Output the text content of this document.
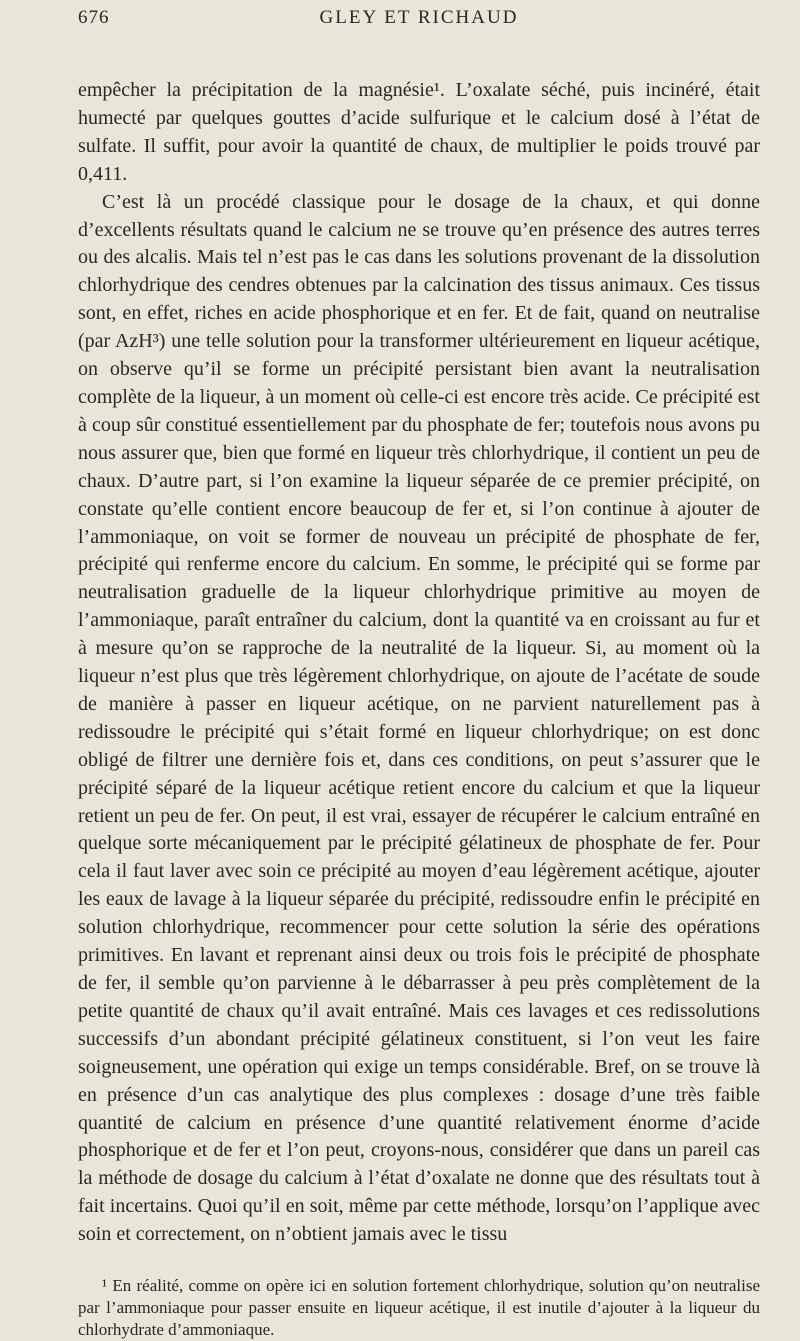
676	GLEY ET RICHAUD

empêcher la précipitation de la magnésie¹. L’oxalate séché, puis incinéré, était humecté par quelques gouttes d’acide sulfurique et le calcium dosé à l’état de sulfate. Il suffit, pour avoir la quantité de chaux, de multiplier le poids trouvé par 0,411.

C’est là un procédé classique pour le dosage de la chaux, et qui donne d’excellents résultats quand le calcium ne se trouve qu’en présence des autres terres ou des alcalis. Mais tel n’est pas le cas dans les solutions provenant de la dissolution chlorhydrique des cendres obtenues par la calcination des tissus animaux. Ces tissus sont, en effet, riches en acide phosphorique et en fer. Et de fait, quand on neutralise (par AzH³) une telle solution pour la transformer ultérieurement en liqueur acétique, on observe qu’il se forme un précipité persistant bien avant la neutralisation complète de la liqueur, à un moment où celle-ci est encore très acide. Ce précipité est à coup sûr constitué essentiellement par du phosphate de fer; toutefois nous avons pu nous assurer que, bien que formé en liqueur très chlorhydrique, il contient un peu de chaux. D’autre part, si l’on examine la liqueur séparée de ce premier précipité, on constate qu’elle contient encore beaucoup de fer et, si l’on continue à ajouter de l’ammoniaque, on voit se former de nouveau un précipité de phosphate de fer, précipité qui renferme encore du calcium. En somme, le précipité qui se forme par neutralisation graduelle de la liqueur chlorhydrique primitive au moyen de l’ammoniaque, paraît entraîner du calcium, dont la quantité va en croissant au fur et à mesure qu’on se rapproche de la neutralité de la liqueur. Si, au moment où la liqueur n’est plus que très légèrement chlorhydrique, on ajoute de l’acétate de soude de manière à passer en liqueur acétique, on ne parvient naturellement pas à redissoudre le précipité qui s’était formé en liqueur chlorhydrique; on est donc obligé de filtrer une dernière fois et, dans ces conditions, on peut s’assurer que le précipité séparé de la liqueur acétique retient encore du calcium et que la liqueur retient un peu de fer. On peut, il est vrai, essayer de récupérer le calcium entraîné en quelque sorte mécaniquement par le précipité gélatineux de phosphate de fer. Pour cela il faut laver avec soin ce précipité au moyen d’eau légèrement acétique, ajouter les eaux de lavage à la liqueur séparée du précipité, redissoudre enfin le précipité en solution chlorhydrique, recommencer pour cette solution la série des opérations primitives. En lavant et reprenant ainsi deux ou trois fois le précipité de phosphate de fer, il semble qu’on parvienne à le débarrasser à peu près complètement de la petite quantité de chaux qu’il avait entraîné. Mais ces lavages et ces redissolutions successifs d’un abondant précipité gélatineux constituent, si l’on veut les faire soigneusement, une opération qui exige un temps considérable. Bref, on se trouve là en présence d’un cas analytique des plus complexes : dosage d’une très faible quantité de calcium en présence d’une quantité relativement énorme d’acide phosphorique et de fer et l’on peut, croyons-nous, considérer que dans un pareil cas la méthode de dosage du calcium à l’état d’oxalate ne donne que des résultats tout à fait incertains. Quoi qu’il en soit, même par cette méthode, lorsqu’on l’applique avec soin et correctement, on n’obtient jamais avec le tissu

¹ En réalité, comme on opère ici en solution fortement chlorhydrique, solution qu’on neutralise par l’ammoniaque pour passer ensuite en liqueur acétique, il est inutile d’ajouter à la liqueur du chlorhydrate d’ammoniaque.
